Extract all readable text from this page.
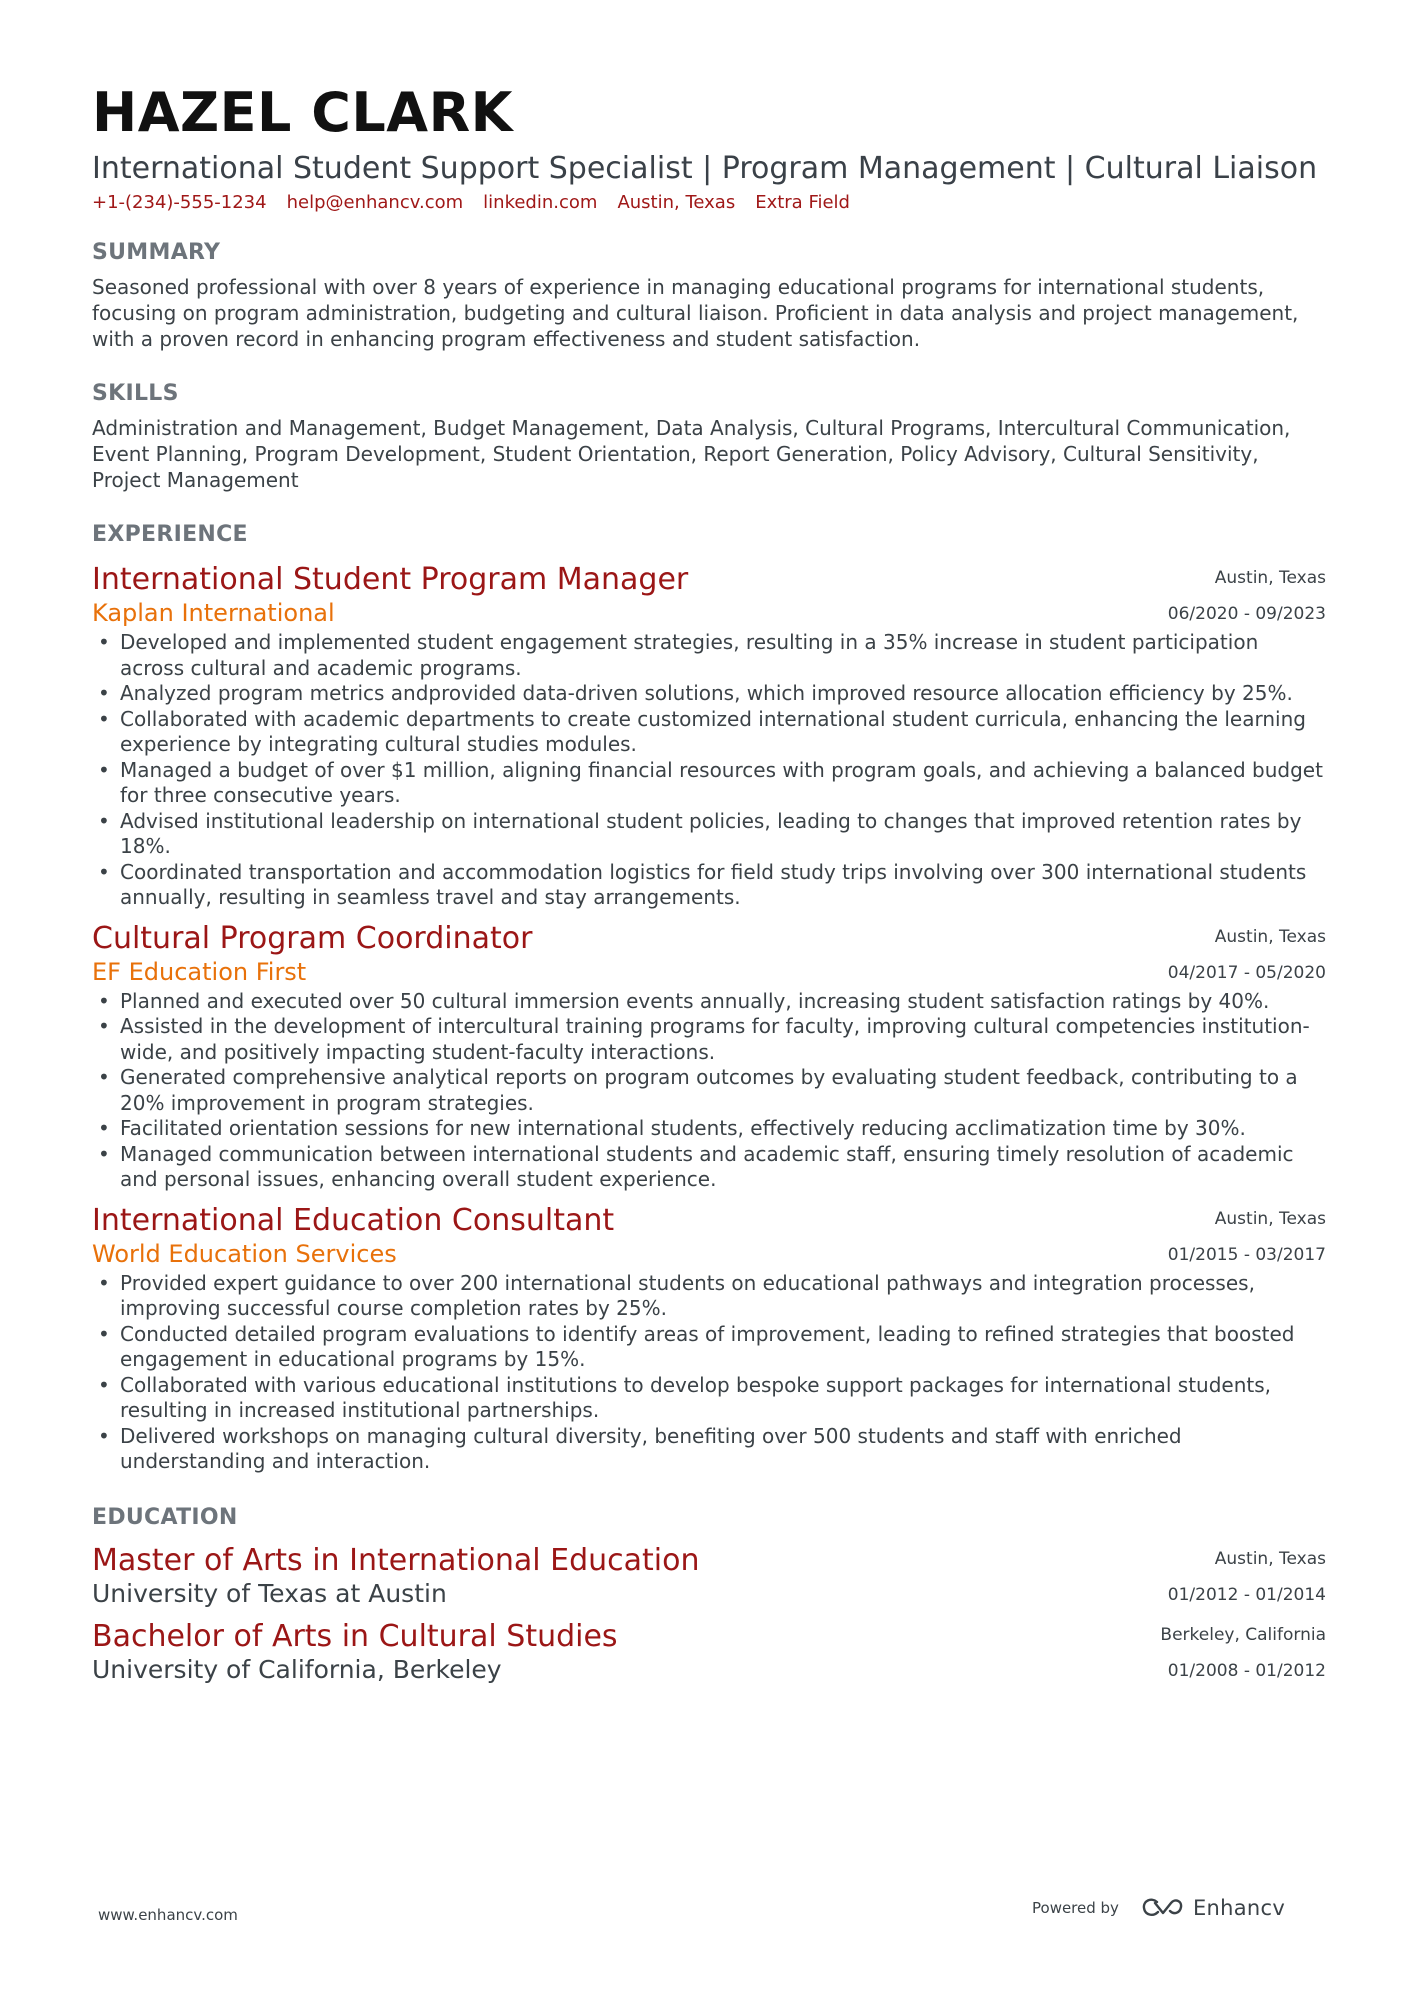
HAZEL CLARK
International Student Support Specialist | Program Management | Cultural Liaison
+1-(234)-555-1234 help@enhancv.com linkedin.com Austin, Texas Extra Field
SUMMARY
Seasoned professional with over 8 years of experience in managing educational programs for international students, focusing on program administration, budgeting and cultural liaison. Proficient in data analysis and project management, with a proven record in enhancing program effectiveness and student satisfaction.
SKILLS
Administration and Management, Budget Management, Data Analysis, Cultural Programs, Intercultural Communication, Event Planning, Program Development, Student Orientation, Report Generation, Policy Advisory, Cultural Sensitivity, Project Management
EXPERIENCE
International Student Program Manager
Kaplan International
Austin, Texas
06/2020 - 09/2023
• Developed and implemented student engagement strategies, resulting in a 35% increase in student participation across cultural and academic programs.
• Analyzed program metrics andprovided data-driven solutions, which improved resource allocation efficiency by 25%.
• Collaborated with academic departments to create customized international student curricula, enhancing the learning experience by integrating cultural studies modules.
• Managed a budget of over $1 million, aligning financial resources with program goals, and achieving a balanced budget for three consecutive years.
• Advised institutional leadership on international student policies, leading to changes that improved retention rates by 18%.
• Coordinated transportation and accommodation logistics for field study trips involving over 300 international students annually, resulting in seamless travel and stay arrangements.
Cultural Program Coordinator
EF Education First
Austin, Texas
04/2017 - 05/2020
• Planned and executed over 50 cultural immersion events annually, increasing student satisfaction ratings by 40%.
• Assisted in the development of intercultural training programs for faculty, improving cultural competencies institution-wide, and positively impacting student-faculty interactions.
• Generated comprehensive analytical reports on program outcomes by evaluating student feedback, contributing to a 20% improvement in program strategies.
• Facilitated orientation sessions for new international students, effectively reducing acclimatization time by 30%.
• Managed communication between international students and academic staff, ensuring timely resolution of academic and personal issues, enhancing overall student experience.
International Education Consultant
World Education Services
Austin, Texas
01/2015 - 03/2017
• Provided expert guidance to over 200 international students on educational pathways and integration processes, improving successful course completion rates by 25%.
• Conducted detailed program evaluations to identify areas of improvement, leading to refined strategies that boosted engagement in educational programs by 15%.
• Collaborated with various educational institutions to develop bespoke support packages for international students, resulting in increased institutional partnerships.
• Delivered workshops on managing cultural diversity, benefiting over 500 students and staff with enriched understanding and interaction.
EDUCATION
Master of Arts in International Education
University of Texas at Austin
Austin, Texas
01/2012 - 01/2014
Bachelor of Arts in Cultural Studies
University of California, Berkeley
Berkeley, California
01/2008 - 01/2012
www.enhancv.com	Powered by	Enhancv
